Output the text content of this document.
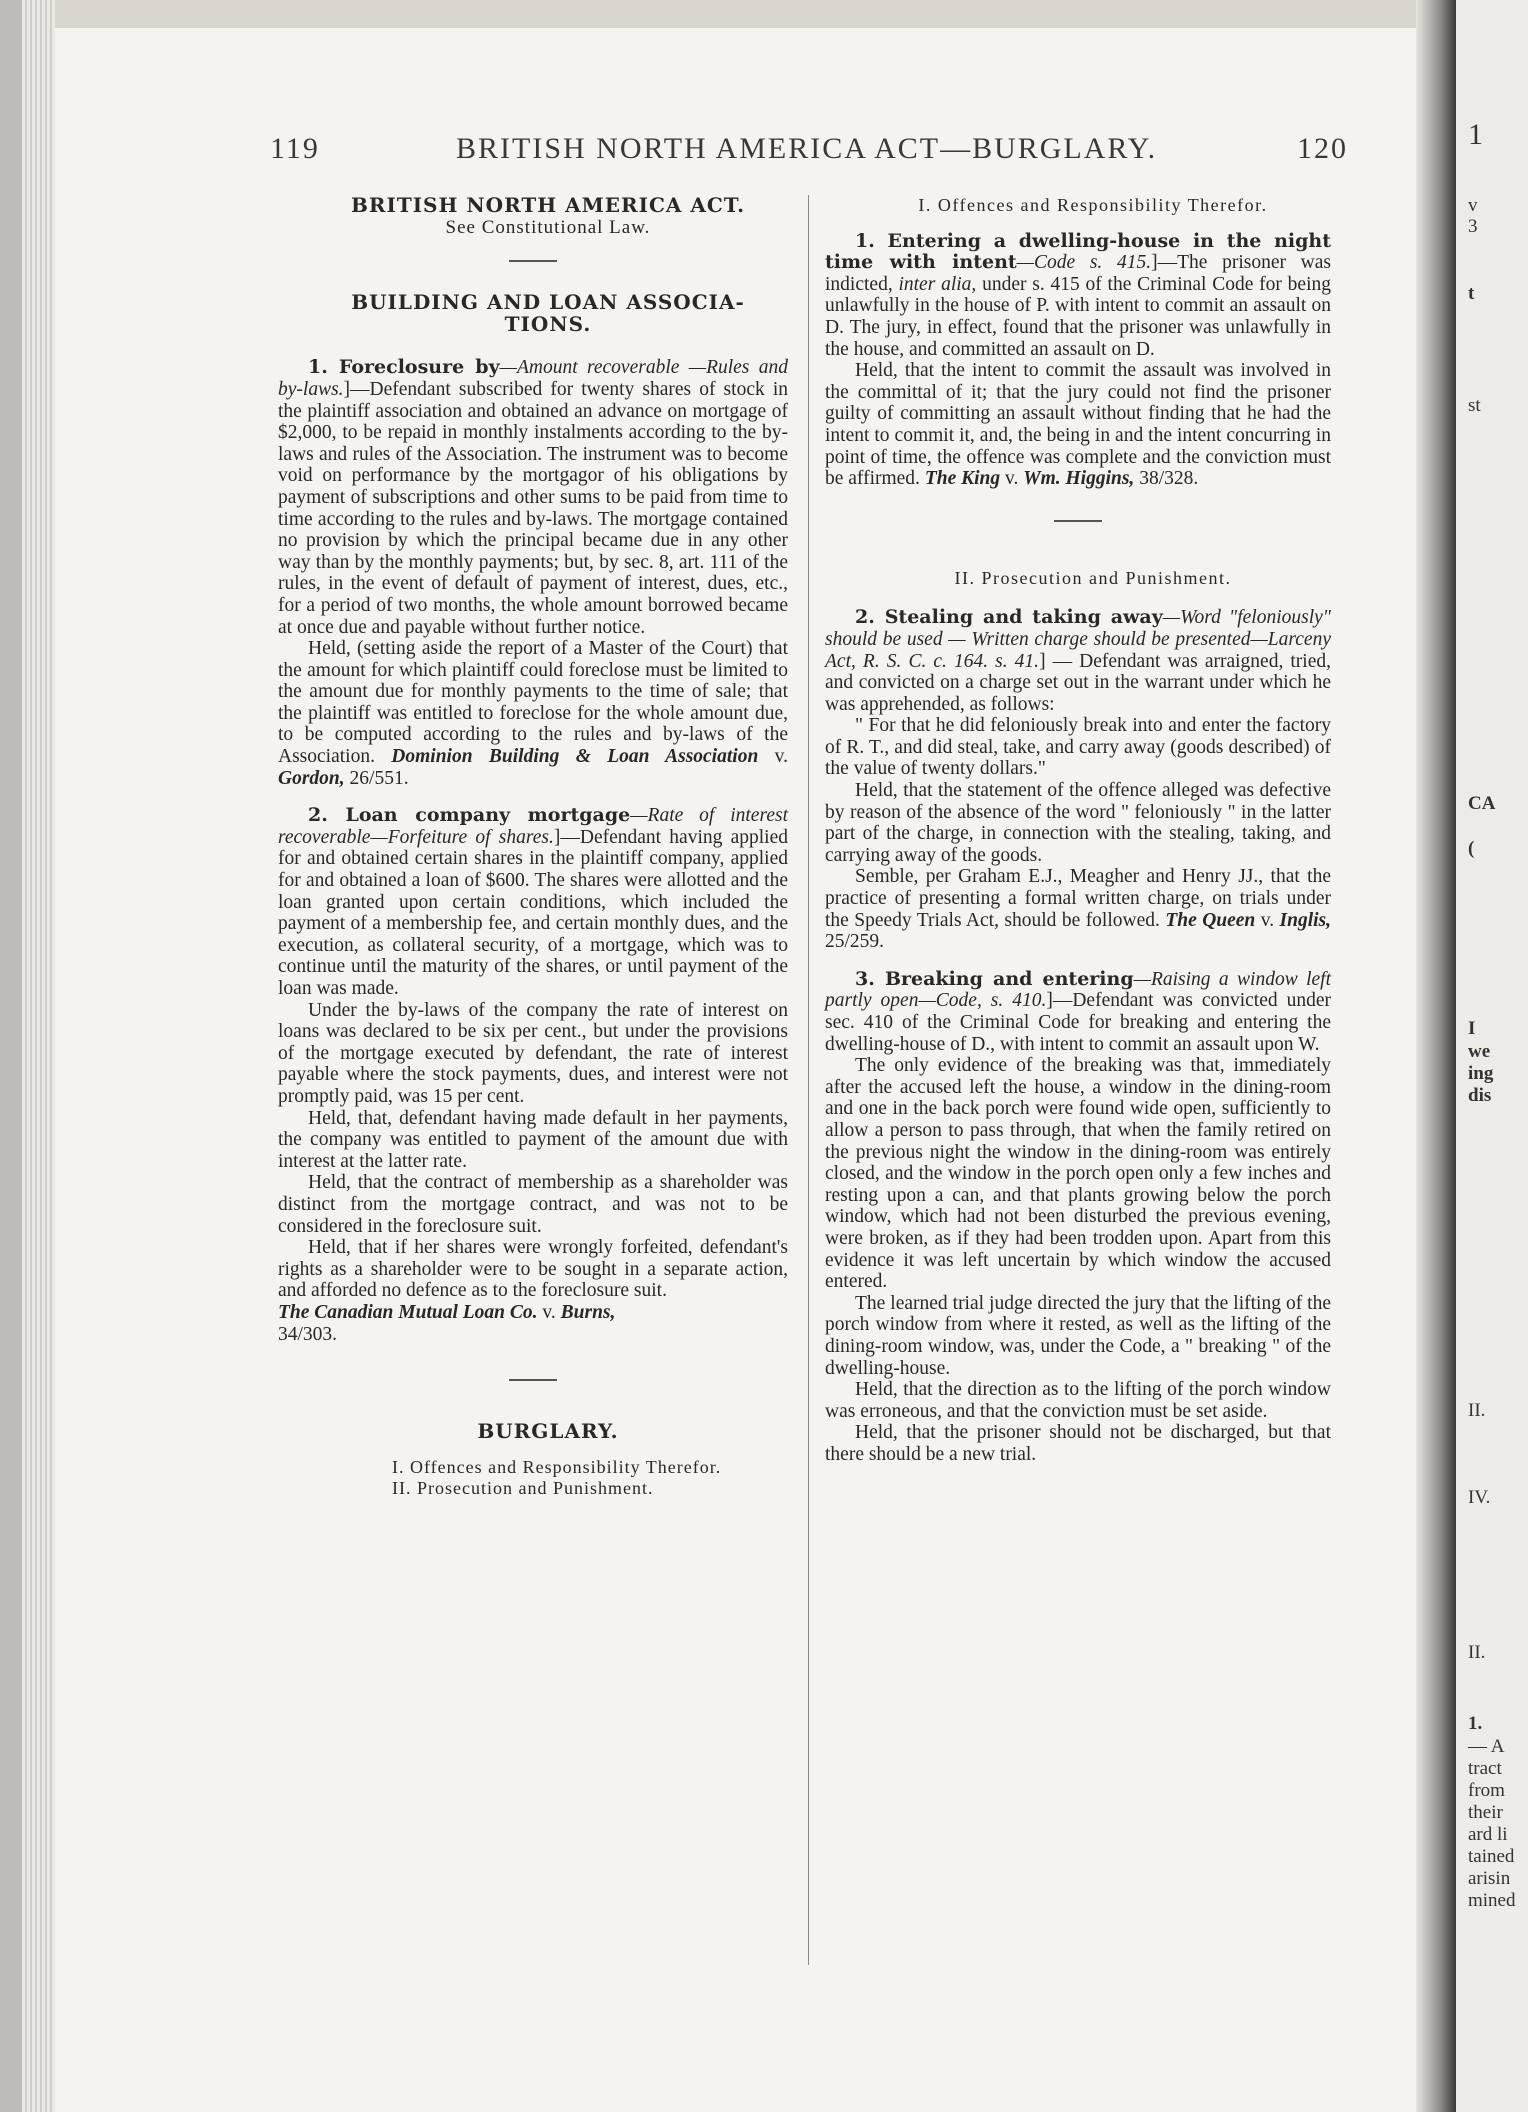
119	BRITISH NORTH AMERICA ACT—BURGLARY.	120

BRITISH NORTH AMERICA ACT.

See Constitutional Law.

BUILDING AND LOAN ASSOCIA-

TIONS.

1. Foreclosure by—Amount recoverable —Rules and by-laws.]—Defendant subscribed for twenty shares of stock in the plaintiff association and obtained an advance on mortgage of $2,000, to be repaid in monthly instalments according to the by-laws and rules of the Association. The instrument was to become void on performance by the mortgagor of his obligations by payment of subscriptions and other sums to be paid from time to time according to the rules and by-laws. The mortgage contained no provision by which the principal became due in any other way than by the monthly payments; but, by sec. 8, art. 111 of the rules, in the event of default of payment of interest, dues, etc., for a period of two months, the whole amount borrowed became at once due and payable without further notice.

Held, (setting aside the report of a Master of the Court) that the amount for which plaintiff could foreclose must be limited to the amount due for monthly payments to the time of sale; that the plaintiff was entitled to foreclose for the whole amount due, to be computed according to the rules and by-laws of the Association. Dominion Building & Loan Association v. Gordon, 26/551.

2. Loan company mortgage—Rate of interest recoverable—Forfeiture of shares.]—Defendant having applied for and obtained certain shares in the plaintiff company, applied for and obtained a loan of $600. The shares were allotted and the loan granted upon certain conditions, which included the payment of a membership fee, and certain monthly dues, and the execution, as collateral security, of a mortgage, which was to continue until the maturity of the shares, or until payment of the loan was made.

Under the by-laws of the company the rate of interest on loans was declared to be six per cent., but under the provisions of the mortgage executed by defendant, the rate of interest payable where the stock payments, dues, and interest were not promptly paid, was 15 per cent.

Held, that, defendant having made default in her payments, the company was entitled to payment of the amount due with interest at the latter rate.

Held, that the contract of membership as a shareholder was distinct from the mortgage contract, and was not to be considered in the foreclosure suit.

Held, that if her shares were wrongly forfeited, defendant's rights as a shareholder were to be sought in a separate action, and afforded no defence as to the foreclosure suit.

The Canadian Mutual Loan Co. v. Burns,
34/303.

BURGLARY.

I. Offences and Responsibility Therefor.

II. Prosecution and Punishment.

I. Offences and Responsibility Therefor.

1. Entering a dwelling-house in the night time with intent—Code s. 415.]—The prisoner was indicted, inter alia, under s. 415 of the Criminal Code for being unlawfully in the house of P. with intent to commit an assault on D. The jury, in effect, found that the prisoner was unlawfully in the house, and committed an assault on D.

Held, that the intent to commit the assault was involved in the committal of it; that the jury could not find the prisoner guilty of committing an assault without finding that he had the intent to commit it, and, the being in and the intent concurring in point of time, the offence was complete and the conviction must be affirmed. The King v. Wm. Higgins, 38/328.

II. Prosecution and Punishment.

2. Stealing and taking away—Word "feloniously" should be used — Written charge should be presented—Larceny Act, R. S. C. c. 164. s. 41.] — Defendant was arraigned, tried, and convicted on a charge set out in the warrant under which he was apprehended, as follows:

" For that he did feloniously break into and enter the factory of R. T., and did steal, take, and carry away (goods described) of the value of twenty dollars."

Held, that the statement of the offence alleged was defective by reason of the absence of the word " feloniously " in the latter part of the charge, in connection with the stealing, taking, and carrying away of the goods.

Semble, per Graham E.J., Meagher and Henry JJ., that the practice of presenting a formal written charge, on trials under the Speedy Trials Act, should be followed. The Queen v. Inglis, 25/259.

3. Breaking and entering—Raising a window left partly open—Code, s. 410.]—Defendant was convicted under sec. 410 of the Criminal Code for breaking and entering the dwelling-house of D., with intent to commit an assault upon W.

The only evidence of the breaking was that, immediately after the accused left the house, a window in the dining-room and one in the back porch were found wide open, sufficiently to allow a person to pass through, that when the family retired on the previous night the window in the dining-room was entirely closed, and the window in the porch open only a few inches and resting upon a can, and that plants growing below the porch window, which had not been disturbed the previous evening, were broken, as if they had been trodden upon. Apart from this evidence it was left uncertain by which window the accused entered.

The learned trial judge directed the jury that the lifting of the porch window from where it rested, as well as the lifting of the dining-room window, was, under the Code, a " breaking " of the dwelling-house.

Held, that the direction as to the lifting of the porch window was erroneous, and that the conviction must be set aside.

Held, that the prisoner should not be discharged, but that there should be a new trial.

1
v
3
t
st
CA
(
I
we
ing
dis
II.
IV.
II.
1.
— A
tract
from
their
ard li
tained
arisin
mined
